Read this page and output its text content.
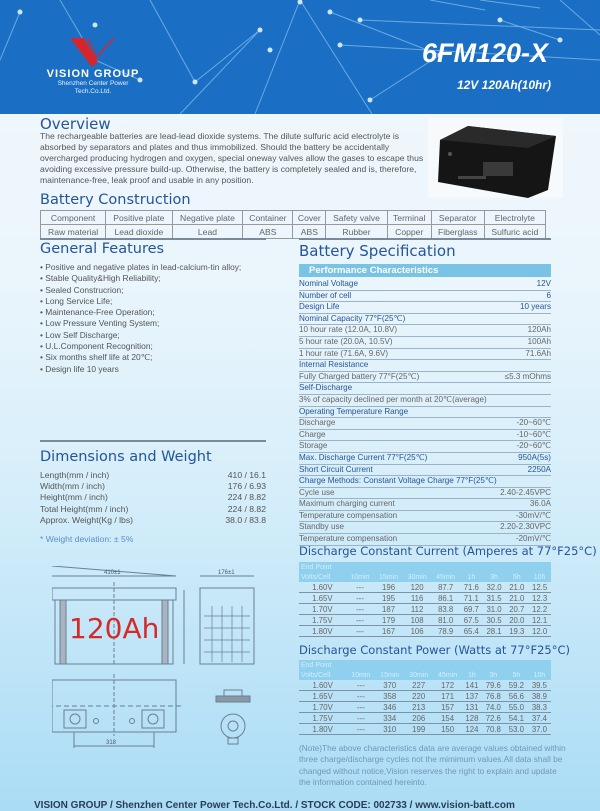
VISION GROUP
Shenzhen Center Power
Tech.Co.Ltd.
6FM120-X
12V 120Ah(10hr)
Overview
The rechargeable batteries are lead-lead dioxide systems. The dilute sulfuric acid electrolyte is absorbed by separators and plates and thus immobilized. Should the battery be accidentally overcharged producing hydrogen and oxygen, special oneway valves allow the gases to escape thus avoiding excessive pressure build-up. Otherwise, the battery is completely sealed and is, therefore, maintenance-free, leak proof and usable in any position.
Battery Construction
Component	Positive plate	Negative plate	Container	Cover	Safety valve	Terminal	Separator	Electrolyte
Raw material	Lead dioxide	Lead	ABS	ABS	Rubber	Copper	Fiberglass	Sulfuric acid
General Features
• Positive and negative plates in lead-calcium-tin alloy;
• Stable Quality&High Reliability;
• Sealed Construcrion;
• Long Service Life;
• Maintenance-Free Operation;
• Low Pressure Venting System;
• Low Self Discharge;
• U.L.Component Recognition;
• Six months shelf life at 20℃;
• Design life 10 years
Dimensions and Weight
Length(mm / inch)	410 / 16.1
Width(mm / inch)	176 / 6.93
Height(mm / inch)	224 / 8.82
Total Height(mm / inch)	224 / 8.82
Approx. Weight(Kg / lbs)	38.0 / 83.8
* Weight deviation: ± 5%
410±1	176±1
318
120Ah
Battery Specification
Performance Characteristics
Nominal Voltage	12V
Number of cell	6
Design Life	10 years
Nominal Capacity 77°F(25℃)
10 hour rate (12.0A, 10.8V)	120Ah
5 hour rate (20.0A, 10.5V)	100Ah
1 hour rate (71.6A, 9.6V)	71.6Ah
Internal Resistance
Fully Charged battery 77°F(25℃)	≤5.3 mOhms
Self-Discharge
3% of capacity declined per month at 20℃(average)
Operating Temperature Range
Discharge	-20~60℃
Charge	-10~60℃
Storage	-20~60℃
Max. Discharge Current 77°F(25℃)	950A(5s)
Short Circuit Current	2250A
Charge Methods: Constant Voltage Charge 77°F(25℃)
Cycle use	2.40-2.45VPC
Maximum charging current	36.0A
Temperature compensation	-30mV/℃
Standby use	2.20-2.30VPC
Temperature compensation	-20mV/℃
Discharge Constant Current (Amperes at 77°F25°C)
End Point								
Volts/Cell	10min	15min	30min	45min	1h	3h	5h	10h
1.60V	---	196	120	87.7	71.6	32.0	21.0	12.5
1.65V	---	195	116	86.1	71.1	31.5	21.0	12.3
1.70V	---	187	112	83.8	69.7	31.0	20.7	12.2
1.75V	---	179	108	81.0	67.5	30.5	20.0	12.1
1.80V	---	167	106	78.9	65.4	28.1	19.3	12.0
Discharge Constant Power (Watts at 77°F25°C)
End Point								
Volts/Cell	10min	15min	30min	45min	1h	3h	5h	10h
1.60V	---	370	227	172	141	79.6	59.2	39.5
1.65V	---	358	220	171	137	76.8	56.6	38.9
1.70V	---	346	213	157	131	74.0	55.0	38.3
1.75V	---	334	206	154	128	72.6	54.1	37.4
1.80V	---	310	199	150	124	70.8	53.0	37.0
(Note)The above characteristics data are average values obtained within three charge/discharge cycles not the mimimum values.All data shall be changed without notice,Vision reserves the right to explain and update the information contained hereinto.
VISION GROUP / Shenzhen Center Power Tech.Co.Ltd. / STOCK CODE: 002733 / www.vision-batt.com
